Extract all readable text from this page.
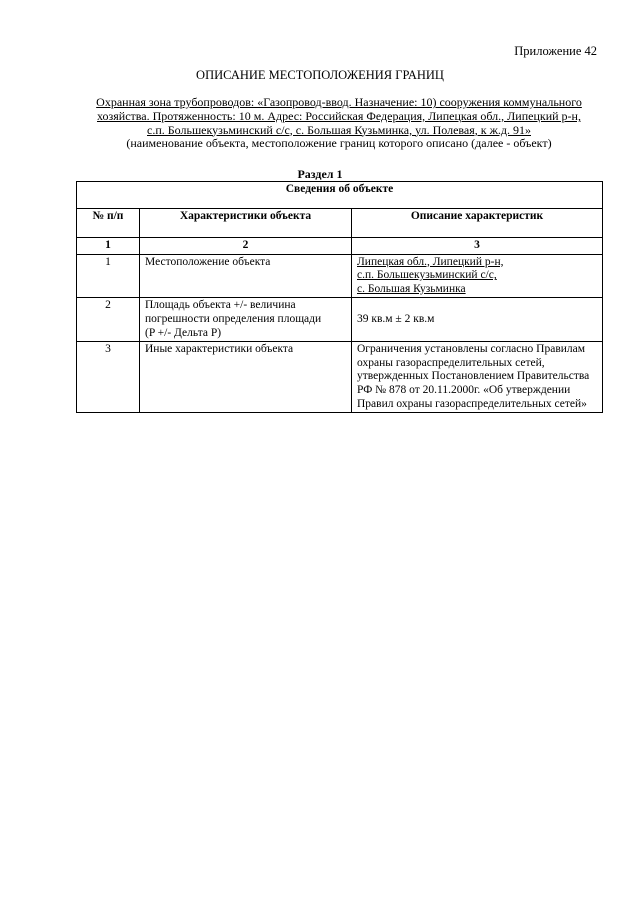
Приложение 42
ОПИСАНИЕ МЕСТОПОЛОЖЕНИЯ ГРАНИЦ
Охранная зона трубопроводов: «Газопровод-ввод. Назначение: 10) сооружения коммунального
хозяйства. Протяженность: 10 м. Адрес: Российская Федерация, Липецкая обл., Липецкий р-н,
с.п. Большекузьминский с/с, с. Большая Кузьминка, ул. Полевая, к ж.д. 91»
(наименование объекта, местоположение границ которого описано (далее - объект)
Раздел 1
Сведения об объекте		
№ п/п	Характеристики объекта	Описание характеристик
1	2	3
1	Местоположение объекта	Липецкая обл., Липецкий р-н,
с.п. Большекузьминский с/с,
с. Большая Кузьминка

2	Площадь объекта +/- величина
погрешности определения площади
(P +/- Дельта P)	39 кв.м ± 2 кв.м

3	Иные характеристики объекта	Ограничения установлены согласно Правилам
охраны газораспределительных сетей,
утвержденных Постановлением Правительства
РФ № 878 от 20.11.2000г. «Об утверждении
Правил охраны газораспределительных сетей»
